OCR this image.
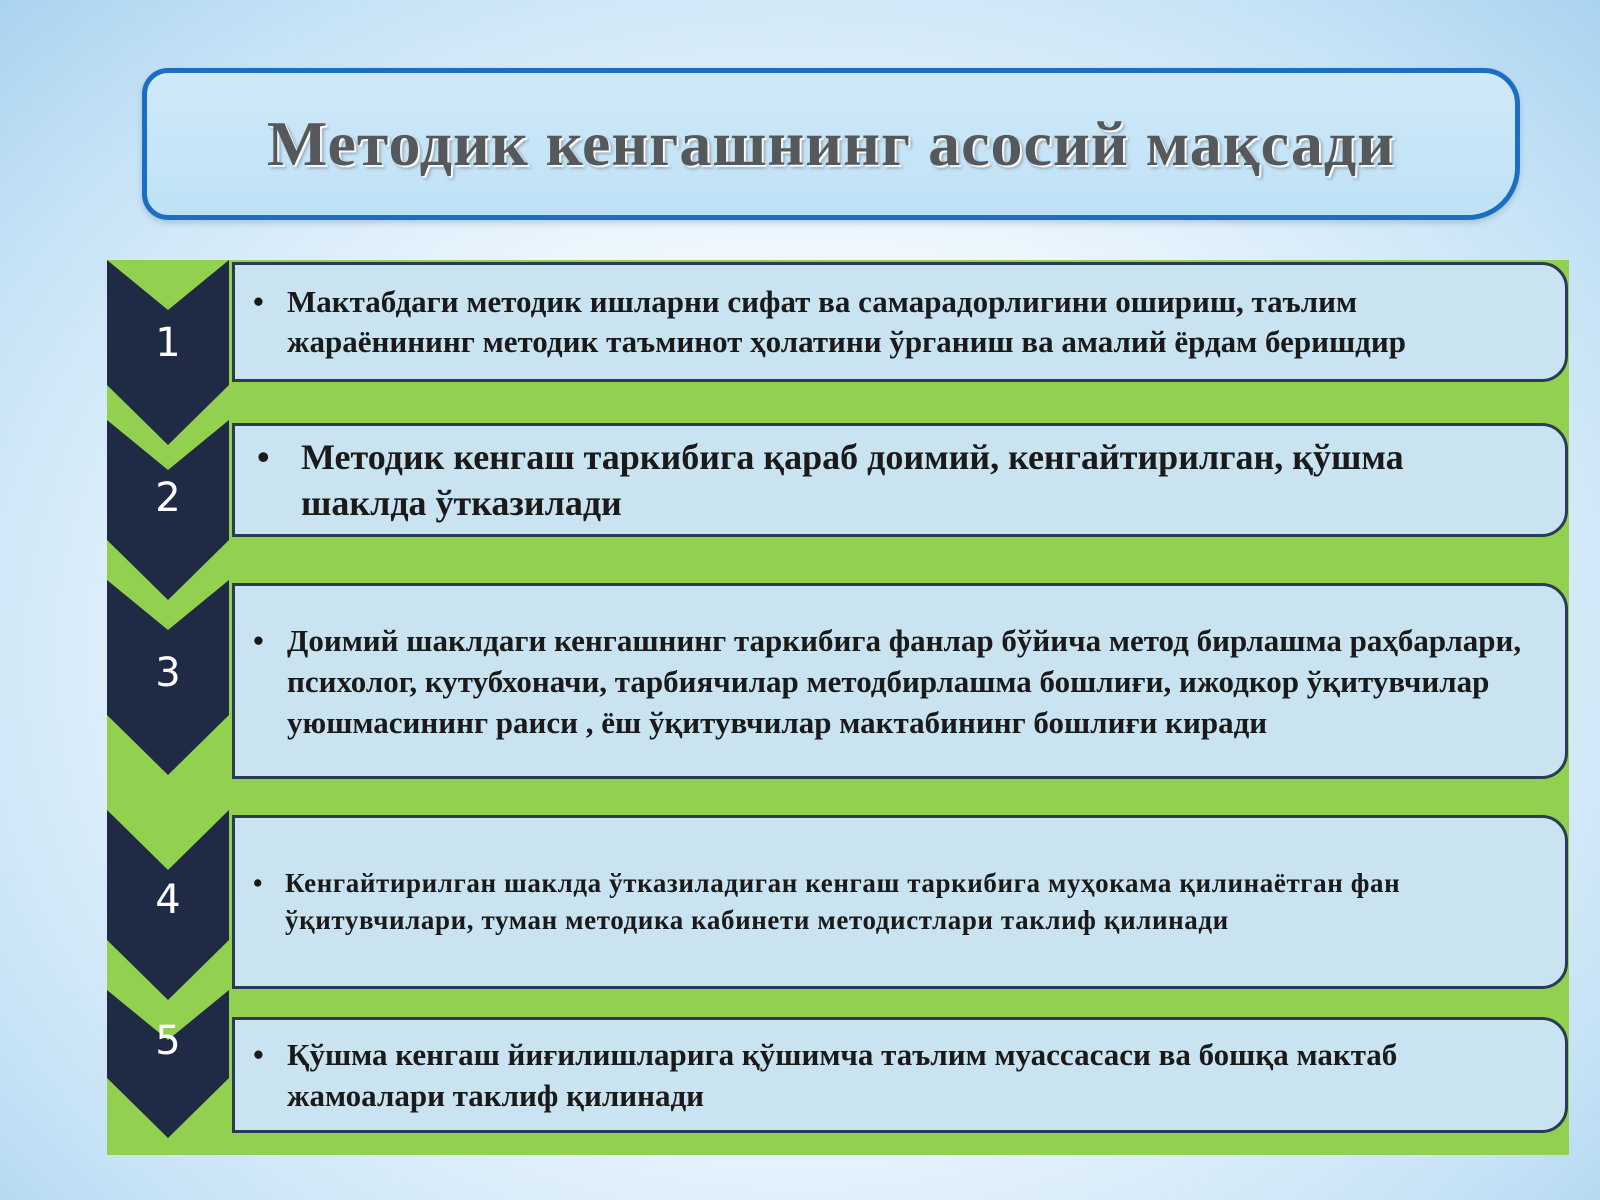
Методик кенгашнинг асосий мақсади
1
2
3
4
5

• Мактабдаги методик ишларни сифат ва самарадорлигини ошириш, таълим жараёнининг методик таъминот ҳолатини ўрганиш ва амалий ёрдам беришдир

• Методик кенгаш таркибига қараб доимий, кенгайтирилган, қўшма шаклда ўтказилади

• Доимий шаклдаги кенгашнинг таркибига фанлар бўйича метод бирлашма раҳбарлари, психолог, кутубхоначи, тарбиячилар методбирлашма бошлиғи, ижодкор ўқитувчилар уюшмасининг раиси , ёш ўқитувчилар мактабининг бошлиғи киради

• Кенгайтирилган шаклда ўтказиладиган кенгаш таркибига муҳокама қилинаётган фан ўқитувчилари, туман методика кабинети методистлари таклиф қилинади

• Қўшма кенгаш йиғилишларига қўшимча таълим муассасаси ва бошқа мактаб жамоалари таклиф қилинади
